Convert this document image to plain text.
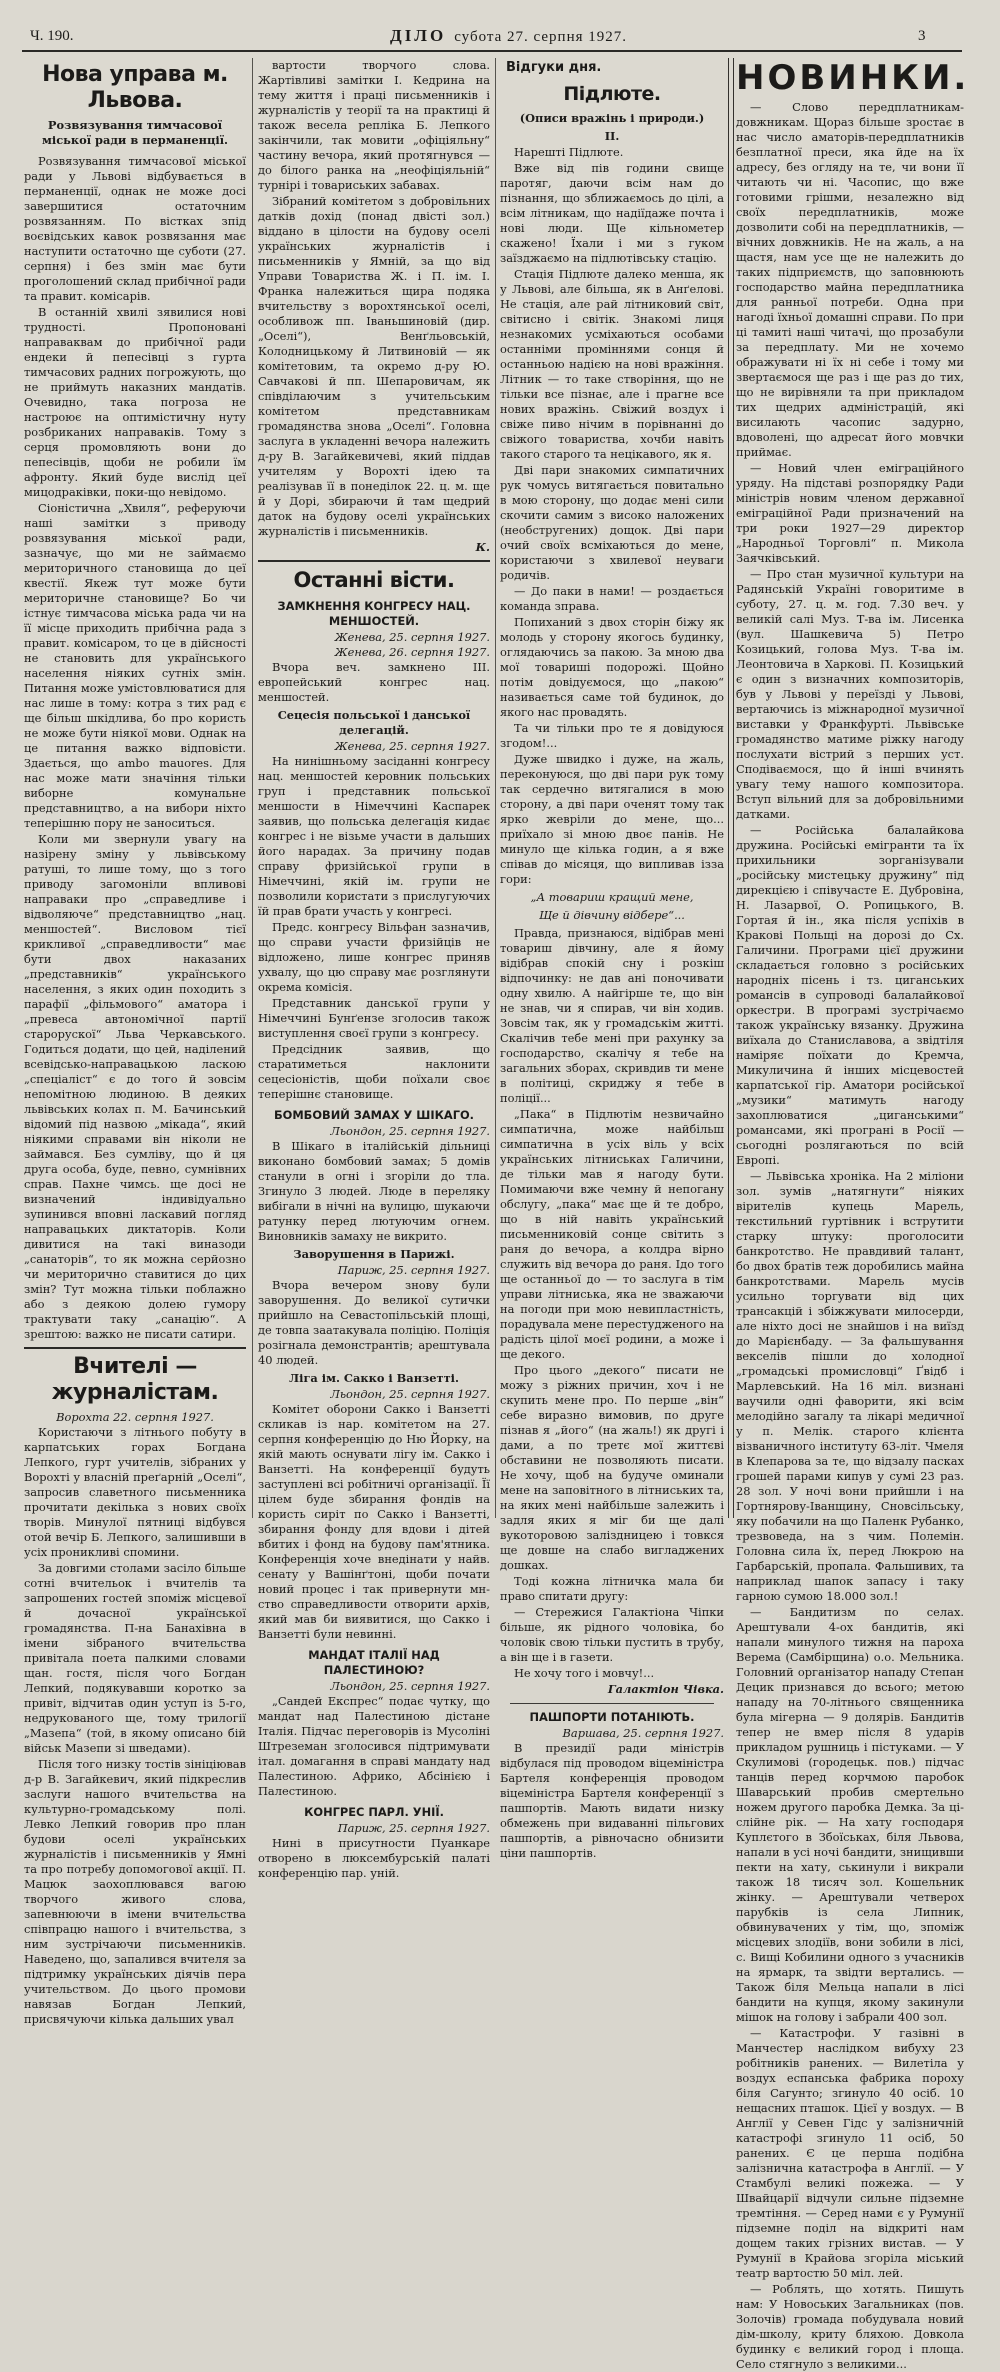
Ч. 190.	ДІЛО субота 27. серпня 1927.	3
Нова управа м. Львова.
Розвязування тимчасової міської ради в перманенції.

Розвязування тимчасової міської ради у Львові відбувається в перманенції, однак не може досі завершитися остаточним розвязанням. По вістках зпід воєвідських кавок розвязання має наступити остаточно ще суботи (27. серпня) і без змін має бути проголошений склад прибічної ради та правит. комісарів.

В останній хвилі зявилися нові трудності. Пропоновані направаквам до прибічної ради ендеки й пепесівці з гурта тимчасових радних погрожують, що не приймуть наказних мандатів. Очевидно, така погроза не настроює на оптимістичну нуту розбриканих направаків. Тому з серця промовляють вони до пепесівців, щоби не робили їм афронту. Який буде вислід цеї мицодраківки, поки-що невідомо.

Сіоністична „Хвиля“, реферуючи наші замітки з приводу розвязування міської ради, зазначує, що ми не займаємо мериторичного становища до цеї квестії. Якеж тут може бути мериторичне становище? Бо чи істнує тимчасова міська рада чи на її місце приходить прибічна рада з правит. комісаром, то це в дійсності не становить для українського населення ніяких сутніх змін. Питання може умістовлюватися для нас лише в тому: котра з тих рад є ще більш шкідлива, бо про користь не може бути ніякої мови. Однак на це питання важко відповісти. Здається, що ambo mauores. Для нас може мати значіння тільки виборне комунальне представництво, а на вибори ніхто теперішню пору не заноситься.

Коли ми звернули увагу на назірену зміну у львівському ратуші, то лише тому, що з того приводу загомоніли впливові направаки про „справедливе і відволяюче“ представництво „нац. меншостей“. Висловом тієї крикливої „справедливости“ має бути двох наказаних „представників“ українського населення, з яких один походить з парафії „фільмового“ аматора і „превеса автономічної партії старорускої“ Льва Черкавського. Годиться додати, що цей, наділений всевідсько-направацькою ласкою „спеціаліст“ є до того й зовсім непомітною людиною. В деяких львівських колах п. М. Бачинський відомий під назвою „мікада“, який ніякими справами він ніколи не займався. Без сумліву, що й ця друга особа, буде, певно, сумнівних справ. Пахне чимсь. ще досі не визначений індивідуально зупинився вповні ласкавий погляд направацьких диктаторів. Коли дивитися на такі виназоди „санаторів“, то як можна серйозно чи мериторично ставитися до цих змін? Тут можна тільки поблажно або з деякою долею гумору трактувати таку „санацію“. А зрештою: важко не писати сатири.

Вчителі — журналістам.
Ворохта 22. серпня 1927.

Користаючи з літнього побуту в карпатських горах Богдана Лепкого, гурт учителів, зібраних у Ворохті у власній преґарній „Оселі“, запросив славетного письменника прочитати декілька з нових своїх творів. Минулої пятниці відбувся отой вечір Б. Лепкого, залишивши в усіх проникливі спомини.

За довгими столами засіло більше сотні вчительок і вчителів та запрошених гостей зпоміж місцевої й дочасної української громадянства. П-на Банахівна в імени зібраного вчительства привітала поета палкими словами щан. гостя, після чого Богдан Лепкий, подякувавши коротко за привіт, відчитав один уступ із 5-го, недрукованого ще, тому трилогії „Мазепа“ (той, в якому описано бій військ Мазепи зі шведами).

Після того низку тостів зініціював д-р В. Загайкевич, який підкреслив заслуги нашого вчительства на культурно-громадському полі. Левко Лепкий говорив про план будови оселі українських журналістів і письменників у Ямні та про потребу допомогової акції. П. Мацюк заохоплювався вагою творчого живого слова, запевнюючи в імени вчительства співпрацю нашого і вчительства, з ним зустрічаючи письменників. Наведено, що, запалився вчителя за підтримку українських діячів пера учительством. До цього промови навязав Богдан Лепкий, присвячуючи кілька дальших увал

вартости творчого слова. Жартівливі замітки І. Кедрина на тему життя і праці письменників і журналістів у теорії та на практиці й також весела репліка Б. Лепкого закінчили, так мовити „офіціяльну“ частину вечора, який протягнувся — до білого ранка на „неофіціяльній“ турнірі і товариських забавах.

Зібраний комітетом з добровільних датків дохід (понад двісті зол.) віддано в цілости на будову оселі українських журналістів і письменників у Ямній, за що від Управи Товариства Ж. і П. ім. І. Франка належиться щира подяка вчительству з ворохтянської оселі, особливож пп. Іваньшиновій (дир. „Оселі“), Венґльовській, Колодницькому й Литвиновій — як комітетовим, та окремо д-ру Ю. Савчакові й пп. Шепаровичам, як співділаючим з учительським комітетом представникам громадянства знова „Оселі“. Головна заслуга в укладенні вечора належить д-ру В. Загайкевичеві, який піддав учителям у Ворохті ідею та реалізував її в понеділок 22. ц. м. ще й у Дорі, збираючи й там щедрий даток на будову оселі українських журналістів і письменників.

К.
Останні вісти.
ЗАМКНЕННЯ КОНГРЕСУ НАЦ. МЕНШОСТЕЙ.
Женева, 25. серпня 1927.
Женева, 26. серпня 1927.

Вчора веч. замкнено III. европейський конгрес нац. меншостей.

Сецесія польської і данської делегацій.
Женева, 25. серпня 1927.

На нинішньому засіданні конгресу нац. меншостей керовник польських груп і представник польської меншости в Німеччині Каспарек заявив, що польська делегація кидає конгрес і не візьме участи в дальших його нарадах. За причину подав справу фризійської групи в Німеччині, якій ім. групи не позволили користати з прислугуючих їй прав брати участь у конгресі.

Предс. конгресу Вільфан зазначив, що справи участи фризійців не відложено, лише конгрес приняв ухвалу, що цю справу має розглянути окрема комісія.

Представник данської групи у Німеччині Бунґензе зголосив також виступлення своєї групи з конгресу.

Предсідник заявив, що старатиметься наклонити сецесіоністів, щоби поїхали своє теперішнє становище.

БОМБОВИЙ ЗАМАХ У ШІКАГО.
Льондон, 25. серпня 1927.

В Шікаго в італійській дільниці виконано бомбовий замах; 5 домів станули в огні і згоріли до тла. Згинуло 3 людей. Люде в переляку вибігали в нічні на вулицю, шукаючи ратунку перед лютуючим огнем. Виновників замаху не викрито.

Заворушення в Парижі.
Париж, 25. серпня 1927.

Вчора вечером знову були заворушення. До великої сутички прийшло на Севастопільській площі, де товпа заатакувала поліцію. Поліція розігнала демонстрантів; арештувала 40 людей.

Ліга ім. Сакко і Ванзетті.
Льондон, 25. серпня 1927.

Комітет оборони Сакко і Ванзетті скликав із нар. комітетом на 27. серпня конференцію до Ню Йорку, на якій мають оснувати лігу ім. Сакко і Ванзетті. На конференції будуть заступлені всі робітничі організації. Її цілем буде збирання фондів на користь сиріт по Сакко і Ванзетті, збирання фонду для вдови і дітей вбитих і фонд на будову пам'ятника. Конференція хоче внедінати у найв. сенату у Вашінґтоні, щоби почати новий процес і так привернути мн-ство справедливости отворити архів, який мав би виявитися, що Сакко і Ванзетті були невинні.

МАНДАТ ІТАЛІЇ НАД ПАЛЕСТИНОЮ?
Льондон, 25. серпня 1927.

„Сандей Експрес“ подає чутку, що мандат над Палестиною дістане Італія. Підчас переговорів із Мусоліні Штреземан зголосився підтримувати італ. домагання в справі мандату над Палестиною. Африко, Абсінією і Палестиною.

КОНГРЕС ПАРЛ. УНІЇ.
Париж, 25. серпня 1927.

Нині в присутности Пуанкаре отворено в люксембурській палаті конференцію пар. уній.

Відгуки дня.
Підлюте.
(Описи вражінь і природи.)
II.

Нарешті Підлюте.

Вже від пів години свище паротяг, даючи всім нам до пізнання, що зближаємось до цілі, а всім літникам, що надіїдаже почта і нові люди. Ще кільнометер скажено! Їхали і ми з гуком заїзджаємо на підлютівську стацію.

Стація Підлюте далеко менша, як у Львові, але більша, як в Анґелові. Не стація, але рай літниковий світ, світисно і світік. Знакомі лиця незнакомих усміхаються особами останніми проміннями сонця й останньою надією на нові вражіння. Літник — то таке створіння, що не тільки все пізнає, але і прагне все нових вражінь. Свіжий воздух і свіже пиво нічим в порівнанні до свіжого товариства, хочби навіть такого старого та нецікавого, як я.

Дві пари знакомих симпатичних рук чомусь витягається повитально в мою сторону, що додає мені сили скочити самим з високо наложених (необстругених) дощок. Дві пари очий своїх всміхаються до мене, користаючи з хвилевої неуваги родичів.

— До паки в нами! — роздається команда зправа.

Попиханий з двох сторін біжу як молодь у сторону якогось будинку, оглядаючись за пакою. За мною два мої товариші подорожі. Щойно потім довідуємося, що „пакою“ називається саме той будинок, до якого нас провадять.

Та чи тільки про те я довідуюся згодом!...

Дуже швидко і дуже, на жаль, переконуюся, що дві пари рук тому так сердечно витягалися в мою сторону, а дві пари оченят тому так ярко жевріли до мене, що... приїхало зі мною двоє панів. Не минуло ще кілька годин, а я вже співав до місяця, що випливав ізза гори:

„А товариш кращий мене,
Ще й дівчину відбере“...

Правда, признаюся, відібрав мені товариш дівчину, але я йому відібрав спокій сну і розкіш відпочинку: не дав ані поночивати одну хвилю. А найгірше те, що він не знав, чи я спирав, чи він ходив. Зовсім так, як у громадськім житті. Скалічив тебе мені при рахунку за господарство, скалічу я тебе на загальних зборах, скривдив ти мене в політиці, скриджу я тебе в поліції...

„Пака“ в Підлютім незвичайно симпатична, може найбільш симпатична в усіх віль у всіх українських літниськах Галичини, де тільки мав я нагоду бути. Помимаючи вже чемну й непогану обслугу, „пака“ має ще й те добро, що в ній навіть український письменниковій сонце світить з раня до вечора, а колдра вірно служить від вечора до раня. Ідо того ще останньої до — то заслуга в тім управи літниська, яка не зважаючи на погоди при мою невипластність, порадувала мене перестудженого на радість цілої моєї родини, а може і ще декого.

Про цього „декого“ писати не можу з ріжних причин, хоч і не скупить мене про. По перше „він“ себе виразно вимовив, по друге пізнав я „його“ (на жаль!) як другі і дами, а по третє мої життєві обставини не позволяють писати. Не хочу, щоб на будуче оминали мене на заповітного в літниських та, на яких мені найбільше залежить і задля яких я міг би ще далі вукоторовою заліздницею і товкся ще довше на слабо вигладжених дошках.

Тоді кожна літничка мала би право спитати другу:

— Стережися Галактіона Чіпки більше, як рідного чоловіка, бо чоловік свою тільки пустить в трубу, а він ще і в газети.

Не хочу того і мовчу!...

Галактіон Чівка.
ПАШПОРТИ ПОТАНІЮТЬ.
Варшава, 25. серпня 1927.

В президії ради міністрів відбулася під проводом віцеміністра Бартеля конференція проводом віцеміністра Бартеля конференції з пашпортів. Мають видати низку обмежень при видаванні пільгових пашпортів, а рівночасно обнизити ціни пашпортів.

НОВИНКИ.

— Слово передплатникам-довжникам. Щораз більше зростає в нас число аматорів-передплатників безплатної преси, яка йде на їх адресу, без огляду на те, чи вони її читають чи ні. Часопис, що вже готовими грішми, незалежно від своїх передплатників, може дозволити собі на передплатників, — вічних довжників. Не на жаль, а на щастя, нам усе ще не належить до таких підприємств, що заповнюють господарство майна передплатника для ранньої потреби. Одна при нагоді їхньої домашні справи. По при ці тамиті наші читачі, що прозабули за передплату. Ми не хочемо ображувати ні їх ні себе і тому ми звертаємося ще раз і ще раз до тих, що не вирівняли та при прикладом тих щедрих адміністрацій, які висилають часопис задурно, вдоволені, що адресат його мовчки приймає.

— Новий член еміграційного уряду. На підставі розпорядку Ради міністрів новим членом державної еміграційної Ради призначений на три роки 1927—29 директор „Народньої Торговлі“ п. Микола Заячківський.

— Про стан музичної культури на Радянській Україні говоритиме в суботу, 27. ц. м. год. 7.30 веч. у великій салі Муз. Т-ва ім. Лисенка (вул. Шашкевича 5) Петро Козицький, голова Муз. Т-ва ім. Леонтовича в Харкові. П. Козицький є один з визначних композиторів, був у Львові у переїзді у Львові, вертаючись із міжнародної музичної виставки у Франкфурті. Львівське громадянство матиме ріжку нагоду послухати вістрий з перших уст. Сподіваємося, що й інші вчинять увагу тему нашого композитора. Вступ вільний для за добровільними датками.

— Російська балалайкова дружина. Російські емігранти та їх прихильники зорганізували „російську мистецьку дружину“ під дирекцією і співучасте Е. Дубровіна, Н. Лазарвої, О. Ропицького, В. Гортая й ін., яка після успіхів в Кракові Польщі на дорозі до Сх. Галичини. Програми цієї дружини складається головно з російських народніх пісень і тз. циганських романсів в супроводі балалайкової оркестри. В програмі зустрічаємо також українську вязанку. Дружина виїхала до Станиславова, а звідтіля наміряє поїхати до Кремча, Микуличина й інших місцевостей карпатської гір. Аматори російської „музики“ матимуть нагоду захоплюватися „циганськими“ романсами, які програні в Росії — сьогодні розлягаються по всій Европі.

— Львівська хроніка. На 2 міліони зол. зумів „натягнути“ ніяких вірителів купець Марель, текстильний гуртівник і вструтити старку штуку: проголосити банкротство. Не правдивий талант, бо двох братів теж доробились майна банкротствами. Марель мусів усильно торгувати від цих трансакцій і збіжжувати милосерди, але ніхто досі не знайшов і на виїзд до Марієнбаду. — За фальшування векселів пішли до холодної „громадські промисловці“ Ґвідб і Марлевський. На 16 міл. визнані ваучили одні фаворити, які всім мелодійно загалу та лікарі медичної у п. Мелік. старого клієнта візваничного інституту 63-літ. Чмеля в Клепарова за те, що відзалу пасках грошей парами кипув у сумі 23 раз. 28 зол. У ночі вони прийшли і на Гортнярову-Іванщину, Сновсільську, яку побачили на що Паленк Рубанко, трезвоведа, на з чим. Полемін. Головна сила їх, перед Люкрою на Гарбарській, пропала. Фальшивих, та наприклад шапок запасу і таку гарною сумою 18.000 зол.!

— Бандитизм по селах. Арештували 4-ох бандитів, які напали минулого тижня на пароха Верема (Самбірщина) о.о. Мельника. Головний організатор нападу Степан Децик признався до всього; метою нападу на 70-літнього священника була мігерна — 9 долярів. Бандитів тепер не вмер після 8 ударів прикладом рушниць і пістуками. — У Скулимові (городецьк. пов.) підчас танців перед корчмою паробок Шаварський пробив смертельно ножем другого паробка Демка. За ціслійне рік. — На хату господаря Куплєтого в Збоїськах, біля Львова, напали в усі ночі бандити, знищивши пекти на хату, ськинули і викрали також 18 тисяч зол. Кошельник жінку. — Арештували четверох парубків із села Липник, обвинувачених у тім, що, зпоміж місцевих злодіїв, вони зобили в лісі, с. Вищі Кобилини одного з учасників на ярмарк, та звідти вертались. — Також біля Мельца напали в лісі бандити на купця, якому закинули мішок на голову і забрали 400 зол.

— Катастрофи. У газівні в Манчестер наслідком вибуху 23 робітників ранених. — Вилетіла у воздух еспанська фабрика пороху біля Сагунто; згинуло 40 осіб. 10 нещасних пташок. Цієї у воздух. — В Англії у Севен Гідс у залізничній катастрофі згинуло 11 осіб, 50 ранених. Є це перша подібна залізнична катастрофа в Англії. — У Стамбулі великі пожежа. — У Швайцарії відчули сильне підземне тремтіння. — Серед нами є у Румунії підземне поділ на відкриті нам дощем таких грізних вистав. — У Румунії в Крайова згоріла міський театр вартостю 50 міл. лей.

— Роблять, що хотять. Пишуть нам: У Новоських Загальниках (пов. Золочів) громада побудувала новий дім-школу, криту бляхою. Довкола будинку є великий город і площа. Село стягнуло з великими...
